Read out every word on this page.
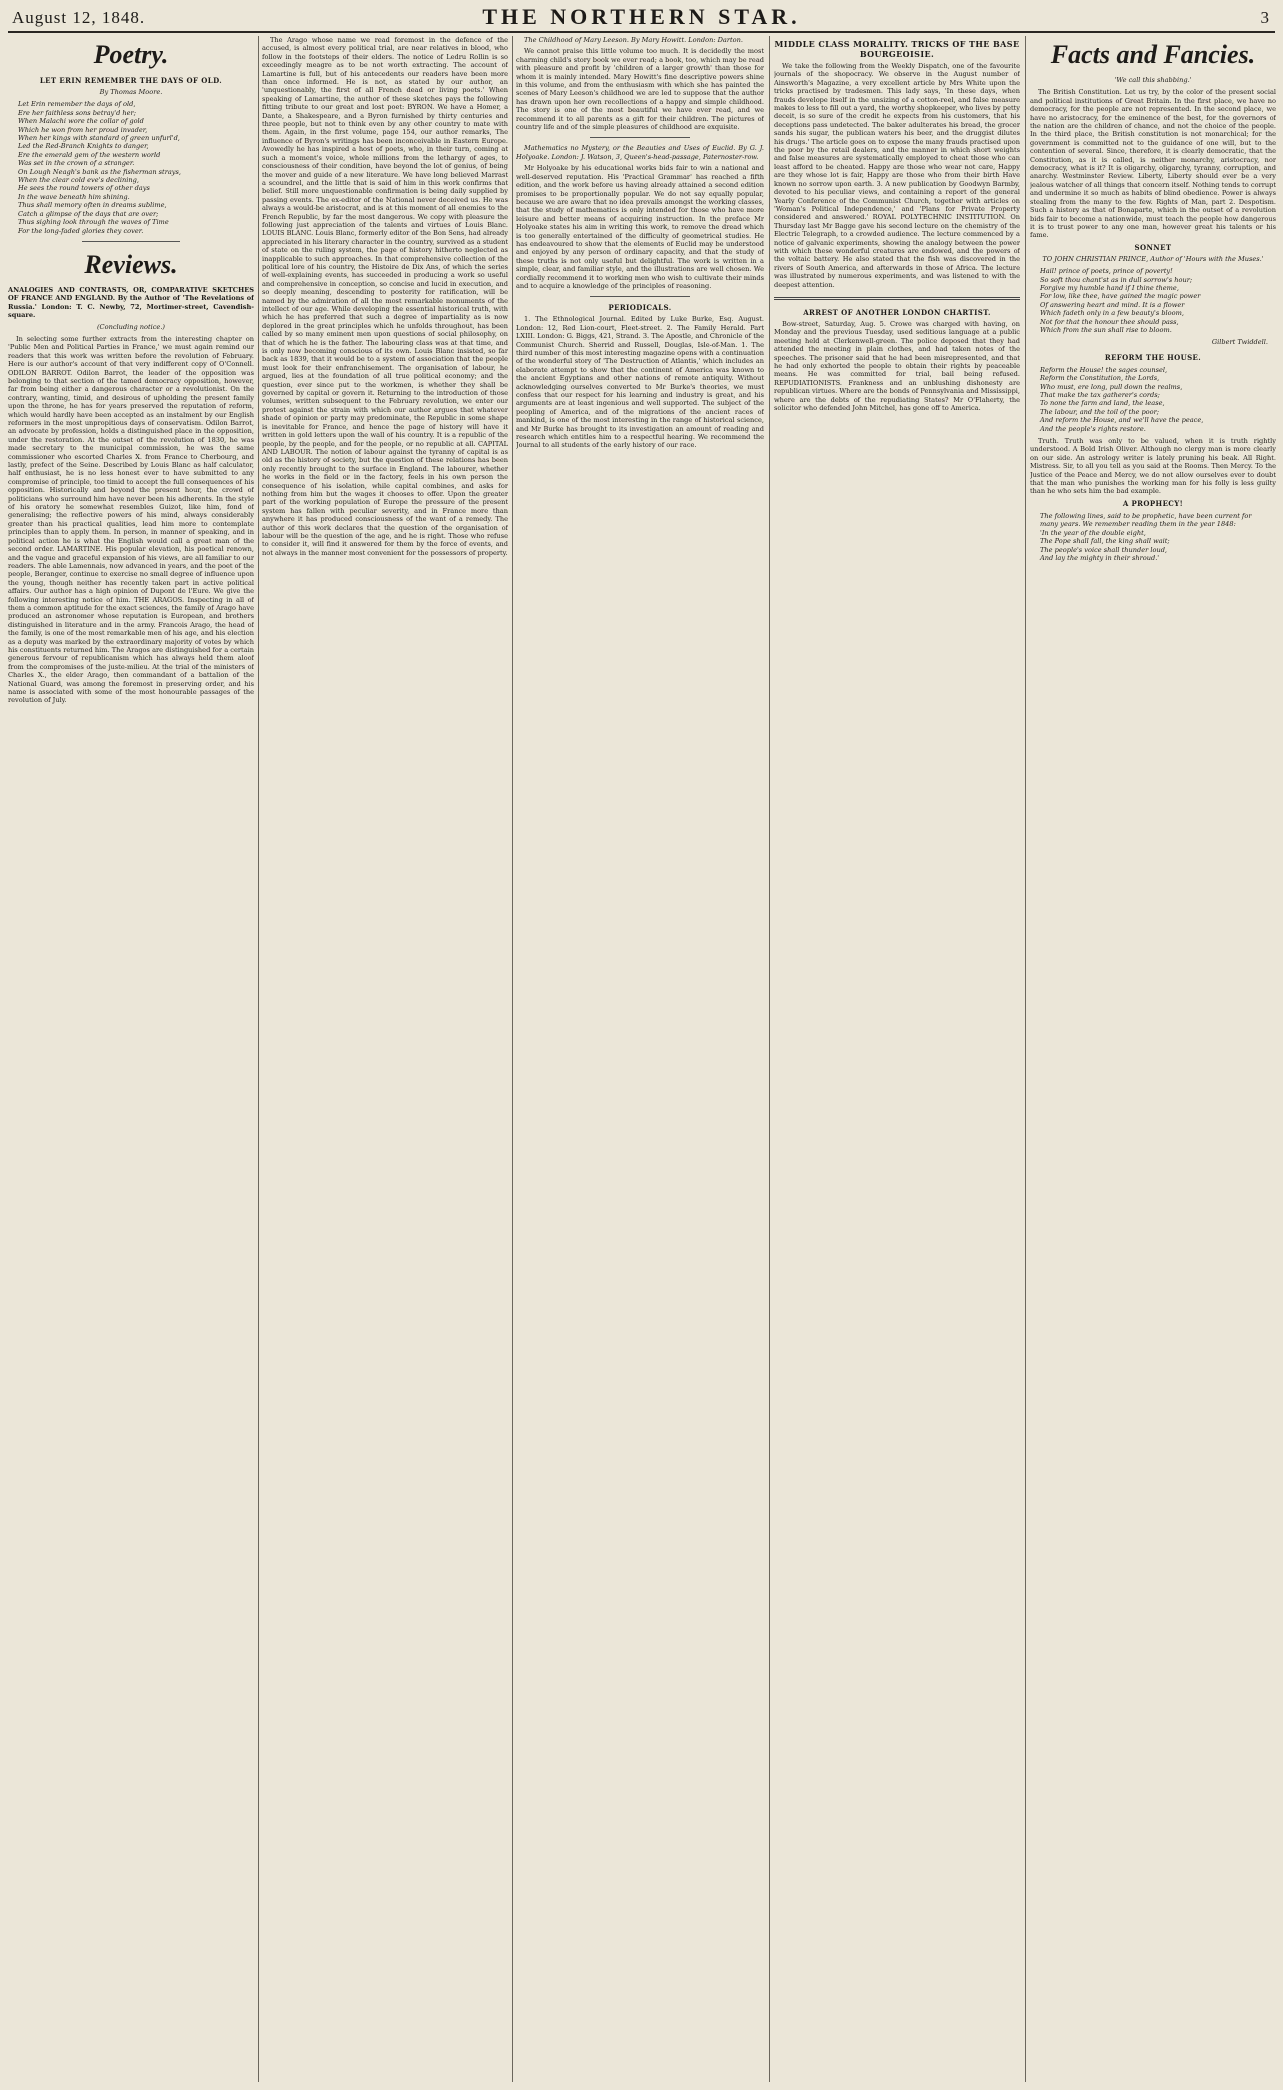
August 12, 1848.	THE NORTHERN STAR.	3
Poetry.
LET ERIN REMEMBER THE DAYS OF OLD.
By Thomas Moore.
Let Erin remember the days of old,
Ere her faithless sons betray'd her;
When Malachi wore the collar of gold
Which he won from her proud invader,
When her kings with standard of green unfurl'd,
Led the Red-Branch Knights to danger,
Ere the emerald gem of the western world
Was set in the crown of a stranger.
On Lough Neagh's bank as the fisherman strays,
When the clear cold eve's declining,
He sees the round towers of other days
In the wave beneath him shining.
Thus shall memory often in dreams sublime,
Catch a glimpse of the days that are over;
Thus sighing look through the waves of Time
For the long-faded glories they cover.
Reviews.
ANALOGIES AND CONTRASTS, OR, COMPARATIVE SKETCHES OF FRANCE AND ENGLAND. By the Author of 'The Revelations of Russia.' London: T. C. Newby, 72, Mortimer-street, Cavendish-square.
(Concluding notice.)
In selecting some further extracts from the interesting chapter on 'Public Men and Political Parties in France,' we must again remind our readers that this work was written before the revolution of February. Here is our author's account of that very indifferent copy of O'Connell. ODILON BARROT. Odilon Barrot, the leader of the opposition was belonging to that section of the tamed democracy opposition, however, far from being either a dangerous character or a revolutionist. On the contrary, wanting, timid, and desirous of upholding the present family upon the throne, he has for years preserved the reputation of reform, which would hardly have been accepted as an instalment by our English reformers in the most unpropitious days of conservatism. Odilon Barrot, an advocate by profession, holds a distinguished place in the opposition, under the restoration. At the outset of the revolution of 1830, he was made secretary to the municipal commission, he was the same commissioner who escorted Charles X. from France to Cherbourg, and lastly, prefect of the Seine. Described by Louis Blanc as half calculator, half enthusiast, he is no less honest ever to have submitted to any compromise of principle, too timid to accept the full consequences of his opposition. Historically and beyond the present hour, the crowd of politicians who surround him have never been his adherents. In the style of his oratory he somewhat resembles Guizot, like him, fond of generalising; the reflective powers of his mind, always considerably greater than his practical qualities, lead him more to contemplate principles than to apply them. In person, in manner of speaking, and in political action he is what the English would call a great man of the second order. LAMARTINE. His popular elevation, his poetical renown, and the vague and graceful expansion of his views, are all familiar to our readers. The able Lamennais, now advanced in years, and the poet of the people, Beranger, continue to exercise no small degree of influence upon the young, though neither has recently taken part in active political affairs. Our author has a high opinion of Dupont de l'Eure. We give the following interesting notice of him. THE ARAGOS. Inspecting in all of them a common aptitude for the exact sciences, the family of Arago have produced an astronomer whose reputation is European, and brothers distinguished in literature and in the army. Francois Arago, the head of the family, is one of the most remarkable men of his age, and his election as a deputy was marked by the extraordinary majority of votes by which his constituents returned him. The Aragos are distinguished for a certain generous fervour of republicanism which has always held them aloof from the compromises of the juste-milieu. At the trial of the ministers of Charles X., the elder Arago, then commandant of a battalion of the National Guard, was among the foremost in preserving order, and his name is associated with some of the most honourable passages of the revolution of July.
The Arago whose name we read foremost in the defence of the accused, is almost every political trial, are near relatives in blood, who follow in the footsteps of their elders. The notice of Ledru Rollin is so exceedingly meagre as to be not worth extracting. The account of Lamartine is full, but of his antecedents our readers have been more than once informed. He is not, as stated by our author, an 'unquestionably, the first of all French dead or living poets.' When speaking of Lamartine, the author of these sketches pays the following fitting tribute to our great and lost poet: BYRON. We have a Homer, a Dante, a Shakespeare, and a Byron furnished by thirty centuries and three people, but not to think even by any other country to mate with them. Again, in the first volume, page 154, our author remarks, The influence of Byron's writings has been inconceivable in Eastern Europe. Avowedly he has inspired a host of poets, who, in their turn, coming at such a moment's voice, whole millions from the lethargy of ages, to consciousness of their condition, have beyond the lot of genius, of being the mover and guide of a new literature. We have long believed Marrast a scoundrel, and the little that is said of him in this work confirms that belief. Still more unquestionable confirmation is being daily supplied by passing events. The ex-editor of the National never deceived us. He was always a would-be aristocrat, and is at this moment of all enemies to the French Republic, by far the most dangerous. We copy with pleasure the following just appreciation of the talents and virtues of Louis Blanc. LOUIS BLANC. Louis Blanc, formerly editor of the Bon Sens, had already appreciated in his literary character in the country, survived as a student of state on the ruling system, the page of history hitherto neglected as inapplicable to such approaches. In that comprehensive collection of the political lore of his country, the Histoire de Dix Ans, of which the series of well-explaining events, has succeeded in producing a work so useful and comprehensive in conception, so concise and lucid in execution, and so deeply meaning, descending to posterity for ratification, will be named by the admiration of all the most remarkable monuments of the intellect of our age. While developing the essential historical truth, with which he has preferred that such a degree of impartiality as is now deplored in the great principles which he unfolds throughout, has been called by so many eminent men upon questions of social philosophy, on that of which he is the father. The labouring class was at that time, and is only now becoming conscious of its own. Louis Blanc insisted, so far back as 1839, that it would be to a system of association that the people must look for their enfranchisement. The organisation of labour, he argued, lies at the foundation of all true political economy; and the question, ever since put to the workmen, is whether they shall be governed by capital or govern it. Returning to the introduction of those volumes, written subsequent to the February revolution, we enter our protest against the strain with which our author argues that whatever shade of opinion or party may predominate, the Republic in some shape is inevitable for France, and hence the page of history will have it written in gold letters upon the wall of his country. It is a republic of the people, by the people, and for the people, or no republic at all. CAPITAL AND LABOUR. The notion of labour against the tyranny of capital is as old as the history of society, but the question of these relations has been only recently brought to the surface in England. The labourer, whether he works in the field or in the factory, feels in his own person the consequence of his isolation, while capital combines, and asks for nothing from him but the wages it chooses to offer. Upon the greater part of the working population of Europe the pressure of the present system has fallen with peculiar severity, and in France more than anywhere it has produced consciousness of the want of a remedy. The author of this work declares that the question of the organisation of labour will be the question of the age, and he is right. Those who refuse to consider it, will find it answered for them by the force of events, and not always in the manner most convenient for the possessors of property.
The Childhood of Mary Leeson. By Mary Howitt. London: Darton.
We cannot praise this little volume too much. It is decidedly the most charming child's story book we ever read; a book, too, which may be read with pleasure and profit by 'children of a larger growth' than those for whom it is mainly intended. Mary Howitt's fine descriptive powers shine in this volume, and from the enthusiasm with which she has painted the scenes of Mary Leeson's childhood we are led to suppose that the author has drawn upon her own recollections of a happy and simple childhood. The story is one of the most beautiful we have ever read, and we recommend it to all parents as a gift for their children. The pictures of country life and of the simple pleasures of childhood are exquisite.
Mathematics no Mystery, or the Beauties and Uses of Euclid. By G. J. Holyoake. London: J. Watson, 3, Queen's-head-passage, Paternoster-row.
Mr Holyoake by his educational works bids fair to win a national and well-deserved reputation. His 'Practical Grammar' has reached a fifth edition, and the work before us having already attained a second edition promises to be proportionally popular. We do not say equally popular, because we are aware that no idea prevails amongst the working classes, that the study of mathematics is only intended for those who have more leisure and better means of acquiring instruction. In the preface Mr Holyoake states his aim in writing this work, to remove the dread which is too generally entertained of the difficulty of geometrical studies. He has endeavoured to show that the elements of Euclid may be understood and enjoyed by any person of ordinary capacity, and that the study of these truths is not only useful but delightful. The work is written in a simple, clear, and familiar style, and the illustrations are well chosen. We cordially recommend it to working men who wish to cultivate their minds and to acquire a knowledge of the principles of reasoning.
PERIODICALS.
1. The Ethnological Journal. Edited by Luke Burke, Esq. August. London: 12, Red Lion-court, Fleet-street. 2. The Family Herald. Part LXIII. London: G. Biggs, 421, Strand. 3. The Apostle, and Chronicle of the Communist Church. Sherrid and Russell, Douglas, Isle-of-Man. 1. The third number of this most interesting magazine opens with a continuation of the wonderful story of 'The Destruction of Atlantis,' which includes an elaborate attempt to show that the continent of America was known to the ancient Egyptians and other nations of remote antiquity. Without acknowledging ourselves converted to Mr Burke's theories, we must confess that our respect for his learning and industry is great, and his arguments are at least ingenious and well supported. The subject of the peopling of America, and of the migrations of the ancient races of mankind, is one of the most interesting in the range of historical science, and Mr Burke has brought to its investigation an amount of reading and research which entitles him to a respectful hearing. We recommend the Journal to all students of the early history of our race.
MIDDLE CLASS MORALITY. TRICKS OF THE BASE BOURGEOISIE.
We take the following from the Weekly Dispatch, one of the favourite journals of the shopocracy. We observe in the August number of Ainsworth's Magazine, a very excellent article by Mrs White upon the tricks practised by tradesmen. This lady says, 'In these days, when frauds develope itself in the unsizing of a cotton-reel, and false measure makes to less to fill out a yard, the worthy shopkeeper, who lives by petty deceit, is so sure of the credit he expects from his customers, that his deceptions pass undetected. The baker adulterates his bread, the grocer sands his sugar, the publican waters his beer, and the druggist dilutes his drugs.' The article goes on to expose the many frauds practised upon the poor by the retail dealers, and the manner in which short weights and false measures are systematically employed to cheat those who can least afford to be cheated. Happy are those who wear not care, Happy are they whose lot is fair, Happy are those who from their birth Have known no sorrow upon earth. 3. A new publication by Goodwyn Barmby, devoted to his peculiar views, and containing a report of the general Yearly Conference of the Communist Church, together with articles on 'Woman's Political Independence,' and 'Plans for Private Property considered and answered.' ROYAL POLYTECHNIC INSTITUTION. On Thursday last Mr Bagge gave his second lecture on the chemistry of the Electric Telegraph, to a crowded audience. The lecture commenced by a notice of galvanic experiments, showing the analogy between the power with which these wonderful creatures are endowed, and the powers of the voltaic battery. He also stated that the fish was discovered in the rivers of South America, and afterwards in those of Africa. The lecture was illustrated by numerous experiments, and was listened to with the deepest attention.
ARREST OF ANOTHER LONDON CHARTIST.
Bow-street, Saturday, Aug. 5. Crowe was charged with having, on Monday and the previous Tuesday, used seditious language at a public meeting held at Clerkenwell-green. The police deposed that they had attended the meeting in plain clothes, and had taken notes of the speeches. The prisoner said that he had been misrepresented, and that he had only exhorted the people to obtain their rights by peaceable means. He was committed for trial, bail being refused. REPUDIATIONISTS. Frankness and an unblushing dishonesty are republican virtues. Where are the bonds of Pennsylvania and Mississippi, where are the debts of the repudiating States? Mr O'Flaherty, the solicitor who defended John Mitchel, has gone off to America.
Facts and Fancies.
'We call this shabbing.'
The British Constitution. Let us try, by the color of the present social and political institutions of Great Britain. In the first place, we have no democracy, for the people are not represented. In the second place, we have no aristocracy, for the eminence of the best, for the governors of the nation are the children of chance, and not the choice of the people. In the third place, the British constitution is not monarchical; for the government is committed not to the guidance of one will, but to the contention of several. Since, therefore, it is clearly democratic, that the Constitution, as it is called, is neither monarchy, aristocracy, nor democracy, what is it? It is oligarchy, oligarchy, tyranny, corruption, and anarchy. Westminster Review. Liberty, Liberty should ever be a very jealous watcher of all things that concern itself. Nothing tends to corrupt and undermine it so much as habits of blind obedience. Power is always stealing from the many to the few. Rights of Man, part 2. Despotism. Such a history as that of Bonaparte, which in the outset of a revolution bids fair to become a nationwide, must teach the people how dangerous it is to trust power to any one man, however great his talents or his fame.
SONNET
TO JOHN CHRISTIAN PRINCE, Author of 'Hours with the Muses.'
Hail! prince of poets, prince of poverty!
So soft thou chant'st as in dull sorrow's hour;
Forgive my humble hand if I thine theme,
For low, like thee, have gained the magic power
Of answering heart and mind. It is a flower
Which fadeth only in a few beauty's bloom,
Not for that the honour thee should pass,
Which from the sun shall rise to bloom.
Gilbert Twiddell.
REFORM THE HOUSE.
Reform the House! the sages counsel,
Reform the Constitution, the Lords,
Who must, ere long, pull down the realms,
That make the tax gatherer's cords;
To none the farm and land, the lease,
The labour, and the toil of the poor;
And reform the House, and we'll have the peace,
And the people's rights restore.
Truth. Truth was only to be valued, when it is truth rightly understood. A Bold Irish Oliver. Although no clergy man is more clearly on our side. An astrology writer is lately pruning his beak. All Right. Mistress. Sir, to all you tell as you said at the Rooms. Then Mercy. To the Justice of the Peace and Mercy, we do not allow ourselves ever to doubt that the man who punishes the working man for his folly is less guilty than he who sets him the bad example.
A PROPHECY!
The following lines, said to be prophetic, have been current for many years. We remember reading them in the year 1848:
'In the year of the double eight,
The Pope shall fall, the king shall wait;
The people's voice shall thunder loud,
And lay the mighty in their shroud.'
